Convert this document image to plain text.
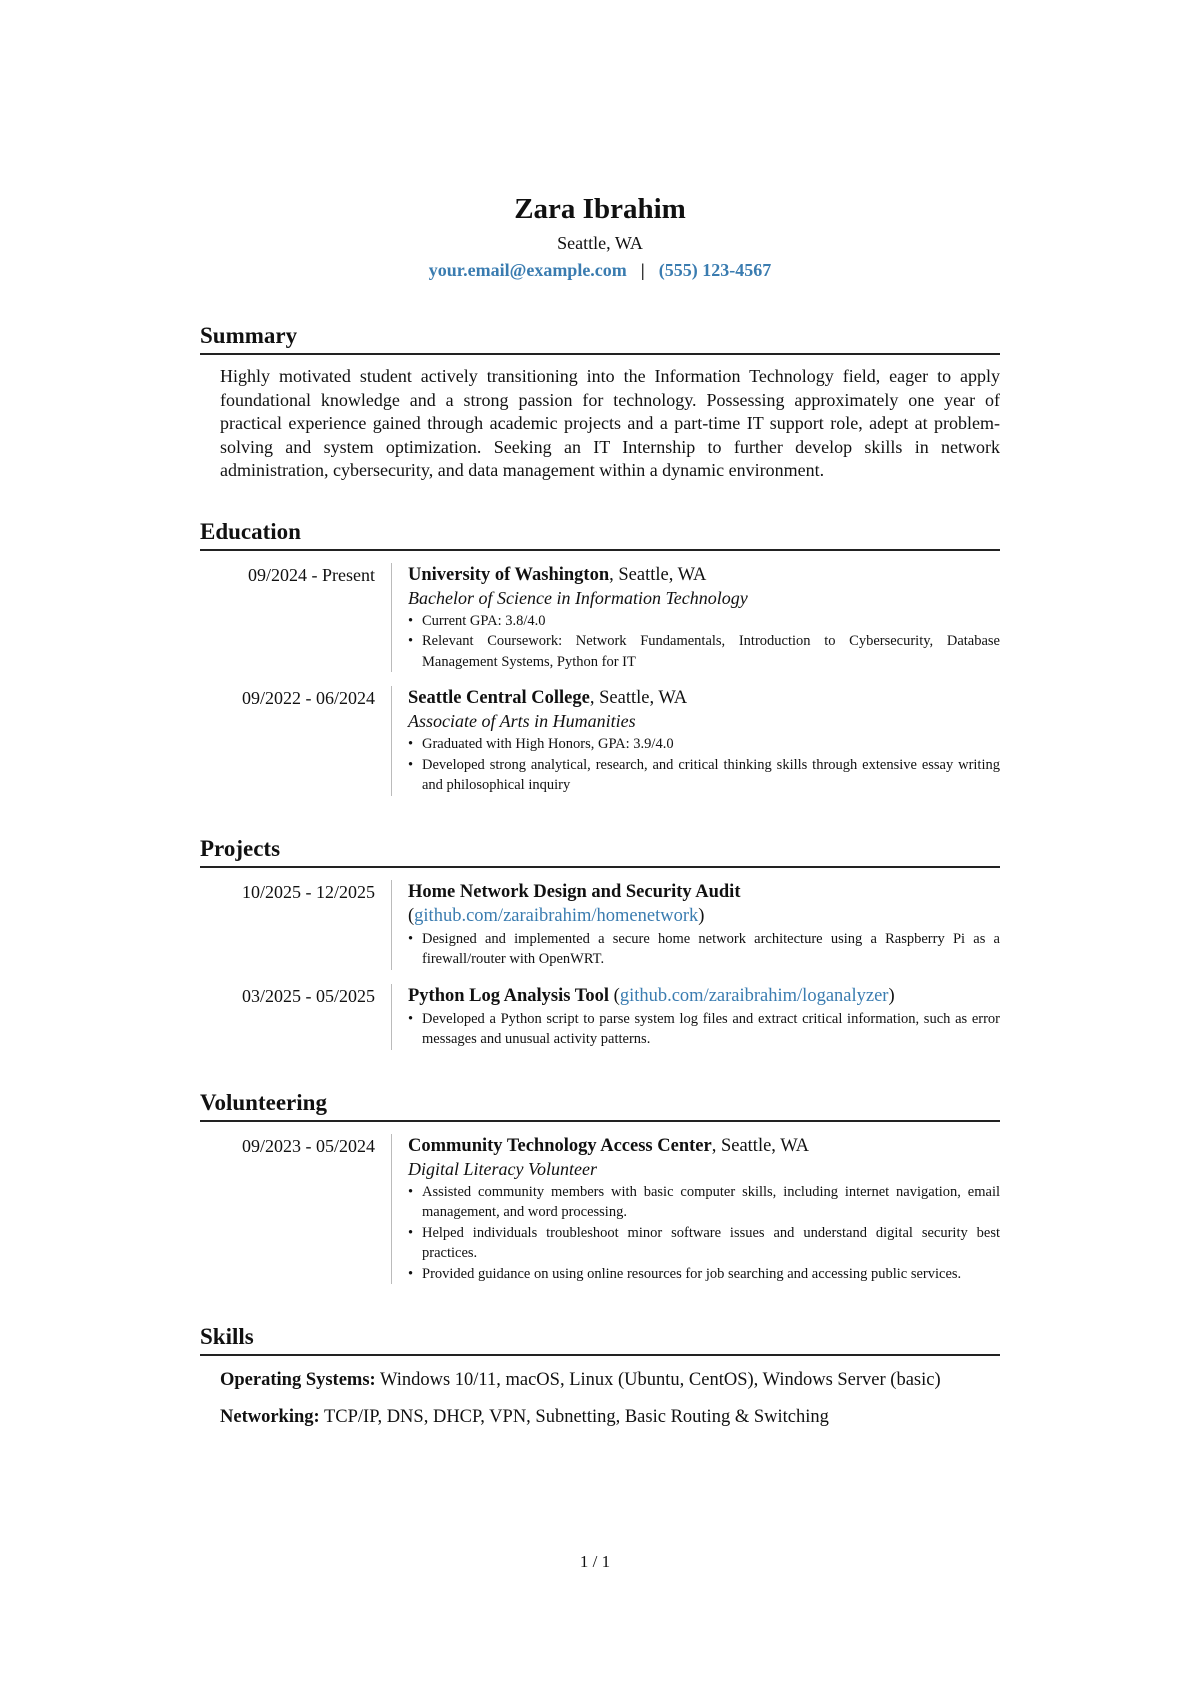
Zara Ibrahim
Seattle, WA
your.email@example.com | (555) 123-4567
Summary

Highly motivated student actively transitioning into the Information Technology field, eager to apply foundational knowledge and a strong passion for technology. Possessing approximately one year of practical experience gained through academic projects and a part-time IT support role, adept at problem-solving and system optimization. Seeking an IT Internship to further develop skills in network administration, cybersecurity, and data management within a dynamic environment.

Education
09/2024 - Present	University of Washington, Seattle, WA
Bachelor of Science in Information Technology
• Current GPA: 3.8/4.0
• Relevant Coursework: Network Fundamentals, Introduction to Cybersecurity, Database Management Systems, Python for IT
09/2022 - 06/2024	Seattle Central College, Seattle, WA
Associate of Arts in Humanities
• Graduated with High Honors, GPA: 3.9/4.0
• Developed strong analytical, research, and critical thinking skills through extensive essay writing and philosophical inquiry
Projects
10/2025 - 12/2025	Home Network Design and Security Audit (github.com/zaraibrahim/homenetwork)
• Designed and implemented a secure home network architecture using a Raspberry Pi as a firewall/router with OpenWRT.
03/2025 - 05/2025	Python Log Analysis Tool (github.com/zaraibrahim/loganalyzer)
• Developed a Python script to parse system log files and extract critical information, such as error messages and unusual activity patterns.
Volunteering
09/2023 - 05/2024	Community Technology Access Center, Seattle, WA
Digital Literacy Volunteer
• Assisted community members with basic computer skills, including internet navigation, email management, and word processing.
• Helped individuals troubleshoot minor software issues and understand digital security best practices.
• Provided guidance on using online resources for job searching and accessing public services.
Skills
Operating Systems: Windows 10/11, macOS, Linux (Ubuntu, CentOS), Windows Server (basic)
Networking: TCP/IP, DNS, DHCP, VPN, Subnetting, Basic Routing & Switching
1 / 1
